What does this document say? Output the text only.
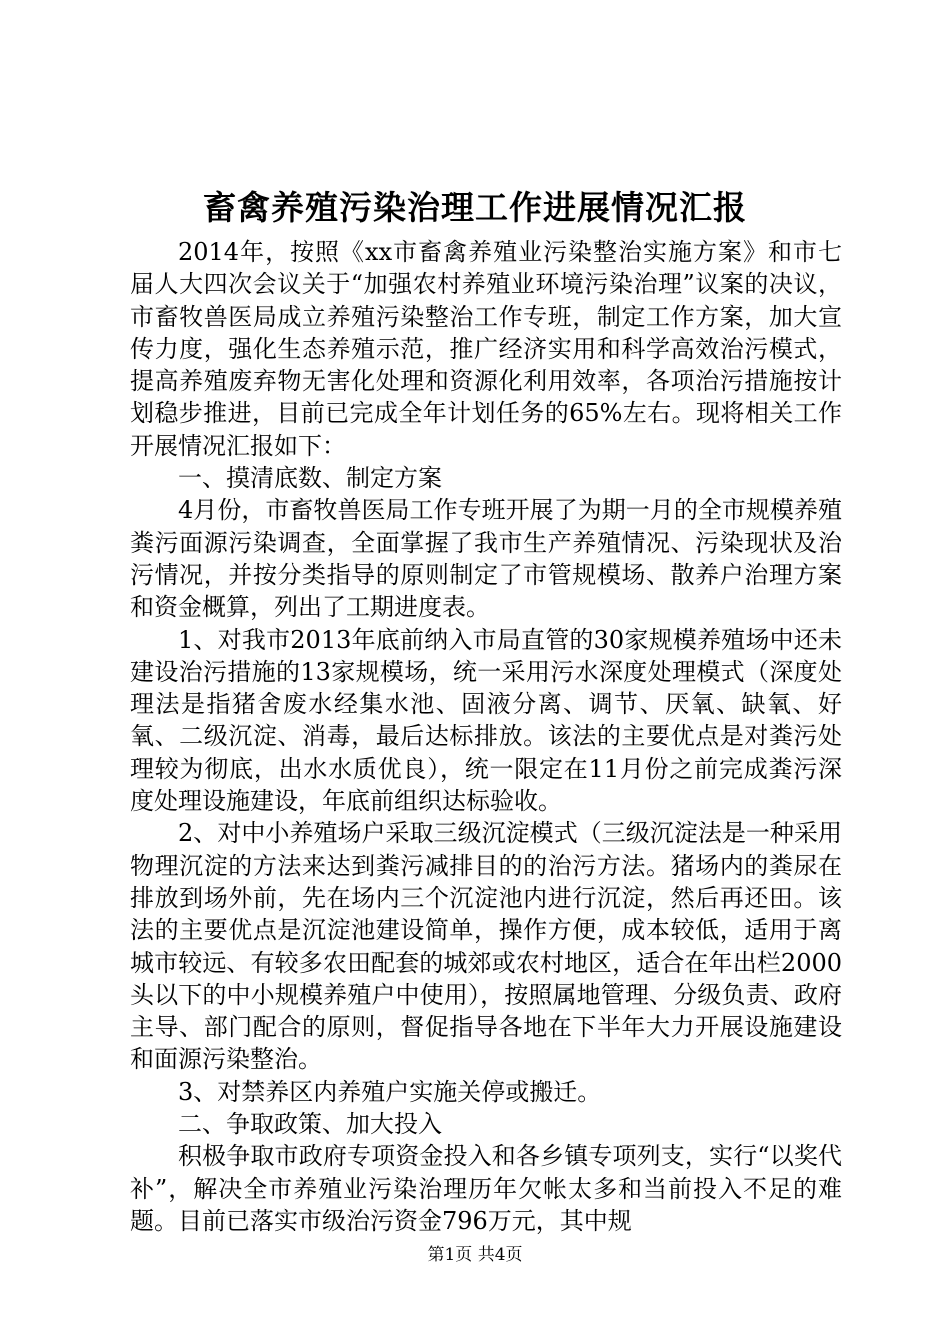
畜禽养殖污染治理工作进展情况汇报

2014年，按照《xx市畜禽养殖业污染整治实施方案》和市七届人大四次会议关于“加强农村养殖业环境污染治理”议案的决议，市畜牧兽医局成立养殖污染整治工作专班，制定工作方案，加大宣传力度，强化生态养殖示范，推广经济实用和科学高效治污模式，提高养殖废弃物无害化处理和资源化利用效率，各项治污措施按计划稳步推进，目前已完成全年计划任务的65%左右。现将相关工作开展情况汇报如下：

一、摸清底数、制定方案

4月份，市畜牧兽医局工作专班开展了为期一月的全市规模养殖粪污面源污染调查，全面掌握了我市生产养殖情况、污染现状及治污情况，并按分类指导的原则制定了市管规模场、散养户治理方案和资金概算，列出了工期进度表。

1、对我市2013年底前纳入市局直管的30家规模养殖场中还未建设治污措施的13家规模场，统一采用污水深度处理模式（深度处理法是指猪舍废水经集水池、固液分离、调节、厌氧、缺氧、好氧、二级沉淀、消毒，最后达标排放。该法的主要优点是对粪污处理较为彻底，出水水质优良），统一限定在11月份之前完成粪污深度处理设施建设，年底前组织达标验收。

2、对中小养殖场户采取三级沉淀模式（三级沉淀法是一种采用物理沉淀的方法来达到粪污减排目的的治污方法。猪场内的粪尿在排放到场外前，先在场内三个沉淀池内进行沉淀，然后再还田。该法的主要优点是沉淀池建设简单，操作方便，成本较低，适用于离城市较远、有较多农田配套的城郊或农村地区，适合在年出栏2000头以下的中小规模养殖户中使用），按照属地管理、分级负责、政府主导、部门配合的原则，督促指导各地在下半年大力开展设施建设和面源污染整治。

3、对禁养区内养殖户实施关停或搬迁。

二、争取政策、加大投入

积极争取市政府专项资金投入和各乡镇专项列支，实行“以奖代补”，解决全市养殖业污染治理历年欠帐太多和当前投入不足的难题。目前已落实市级治污资金796万元，其中规

第1页 共4页
